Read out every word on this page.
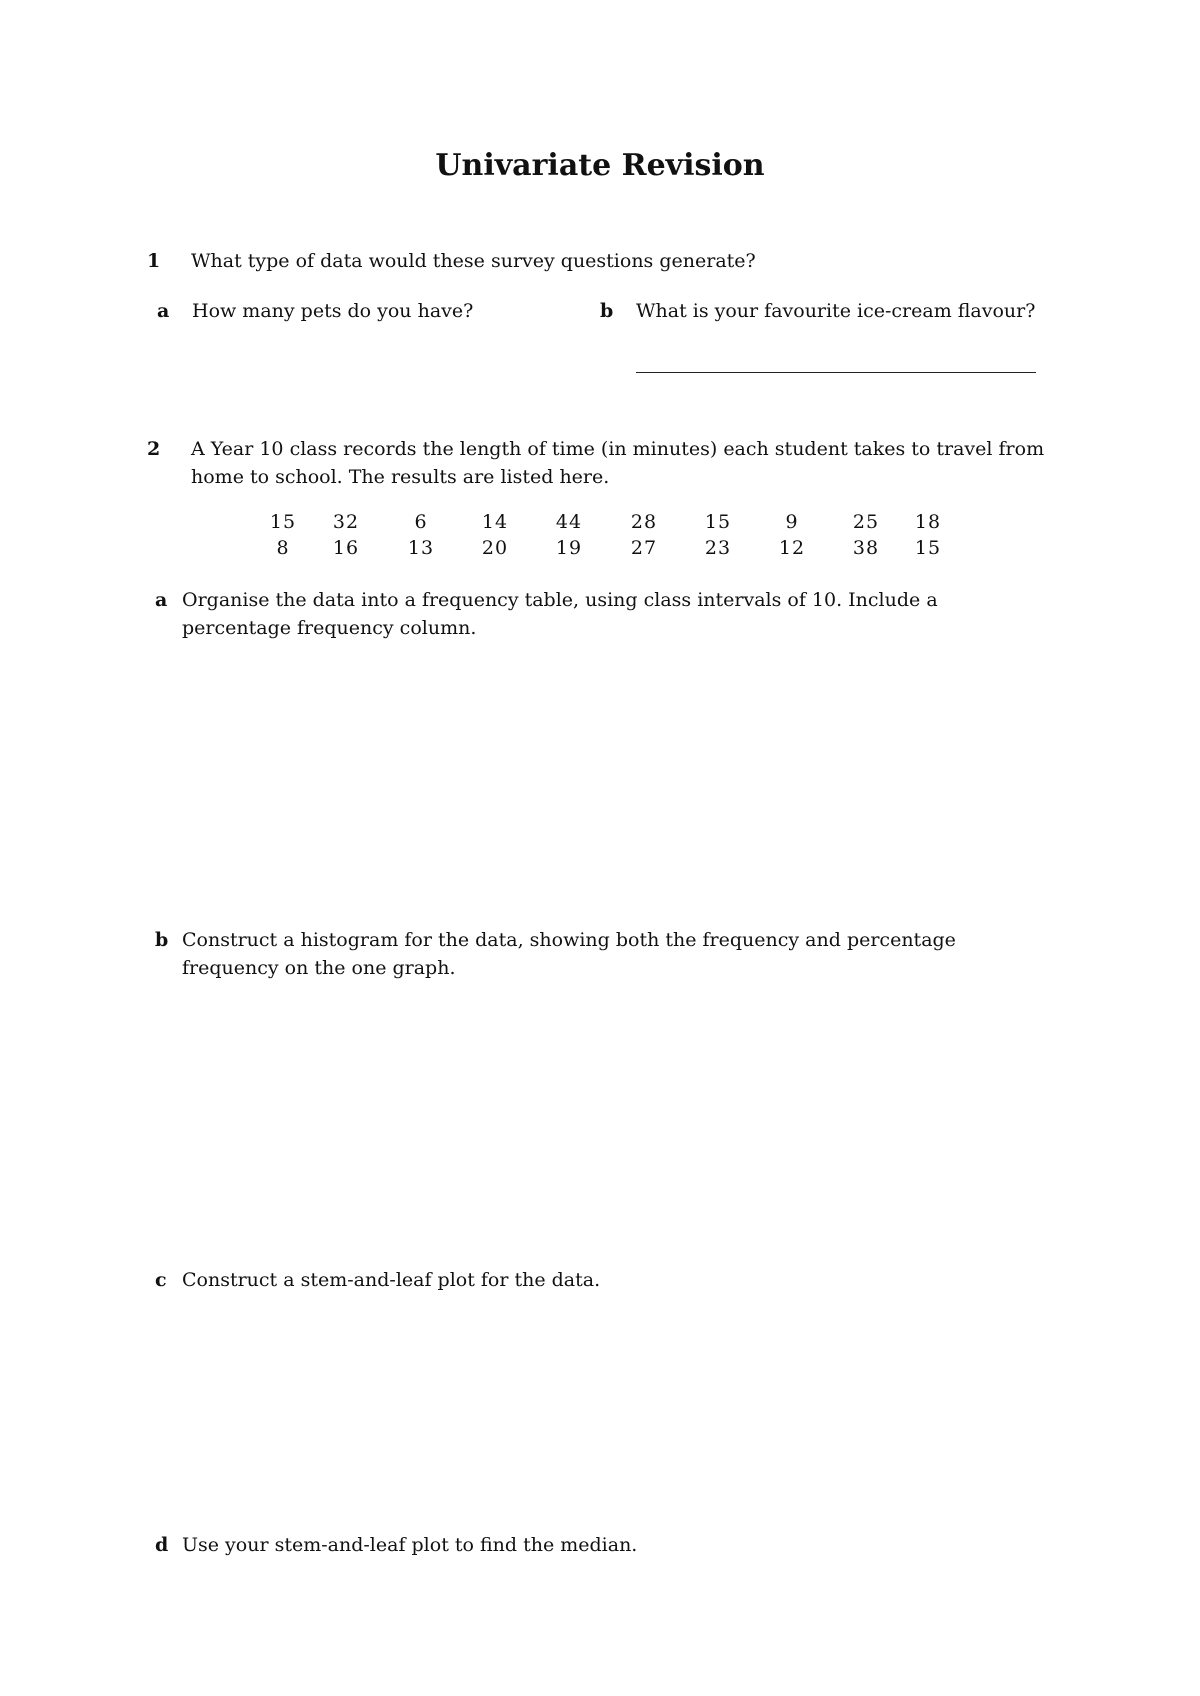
Univariate Revision
1 What type of data would these survey questions generate?
a How many pets do you have?	b What is your favourite ice-cream flavour?
2 A Year 10 class records the length of time (in minutes) each student takes to travel from home to school. The results are listed here.
15	32	6	14	44	28	15	9	25	18
8	16	13	20	19	27	23	12	38	15
a Organise the data into a frequency table, using class intervals of 10. Include a percentage frequency column.
b Construct a histogram for the data, showing both the frequency and percentage frequency on the one graph.
c Construct a stem-and-leaf plot for the data.
d Use your stem-and-leaf plot to find the median.
